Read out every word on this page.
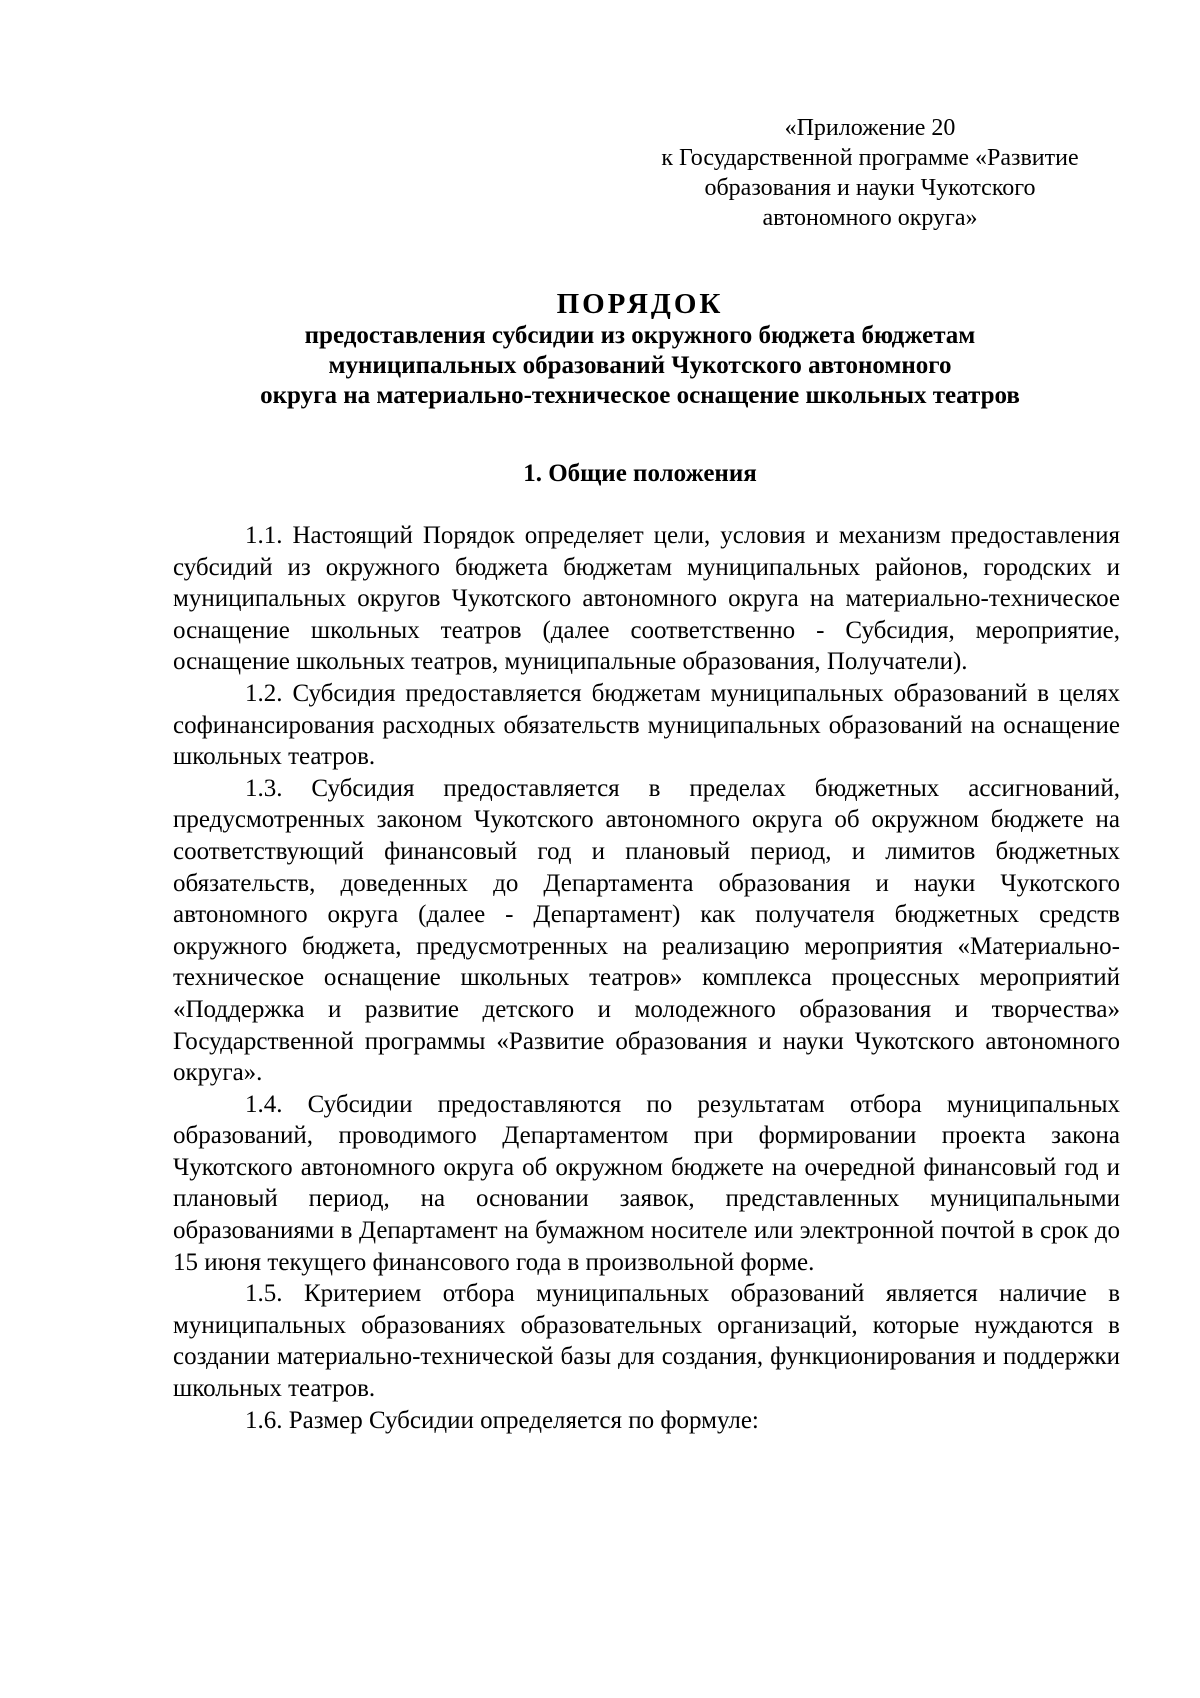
«Приложение 20
к Государственной программе «Развитие
образования и науки Чукотского
автономного округа»
ПОРЯДОК
предоставления субсидии из окружного бюджета бюджетам
муниципальных образований Чукотского автономного
округа на материально-техническое оснащение школьных театров
1. Общие положения

1.1. Настоящий Порядок определяет цели, условия и механизм предоставления субсидий из окружного бюджета бюджетам муниципальных районов, городских и муниципальных округов Чукотского автономного округа на материально-техническое оснащение школьных театров (далее соответственно - Субсидия, мероприятие, оснащение школьных театров, муниципальные образования, Получатели).

1.2. Субсидия предоставляется бюджетам муниципальных образований в целях софинансирования расходных обязательств муниципальных образований на оснащение школьных театров.

1.3. Субсидия предоставляется в пределах бюджетных ассигнований, предусмотренных законом Чукотского автономного округа об окружном бюджете на соответствующий финансовый год и плановый период, и лимитов бюджетных обязательств, доведенных до Департамента образования и науки Чукотского автономного округа (далее - Департамент) как получателя бюджетных средств окружного бюджета, предусмотренных на реализацию мероприятия «Материально-техническое оснащение школьных театров» комплекса процессных мероприятий «Поддержка и развитие детского и молодежного образования и творчества» Государственной программы «Развитие образования и науки Чукотского автономного округа».

1.4. Субсидии предоставляются по результатам отбора муниципальных образований, проводимого Департаментом при формировании проекта закона Чукотского автономного округа об окружном бюджете на очередной финансовый год и плановый период, на основании заявок, представленных муниципальными образованиями в Департамент на бумажном носителе или электронной почтой в срок до 15 июня текущего финансового года в произвольной форме.

1.5. Критерием отбора муниципальных образований является наличие в муниципальных образованиях образовательных организаций, которые нуждаются в создании материально-технической базы для создания, функционирования и поддержки школьных театров.

1.6. Размер Субсидии определяется по формуле:
